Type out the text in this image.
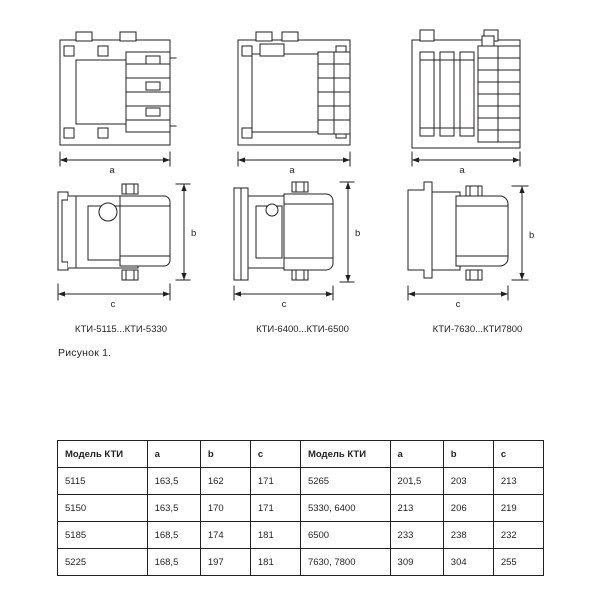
a
b
c
a
b
c
a
b
c
КТИ-5115...КТИ-5330	КТИ-6400...КТИ-6500	КТИ-7630...КТИ7800
Рисунок 1.
Модель КТИ	a	b	c	Модель КТИ	a	b	c
5115	163,5	162	171	5265	201,5	203	213
5150	163,5	170	171	5330, 6400	213	206	219
5185	168,5	174	181	6500	233	238	232
5225	168,5	197	181	7630, 7800	309	304	255
